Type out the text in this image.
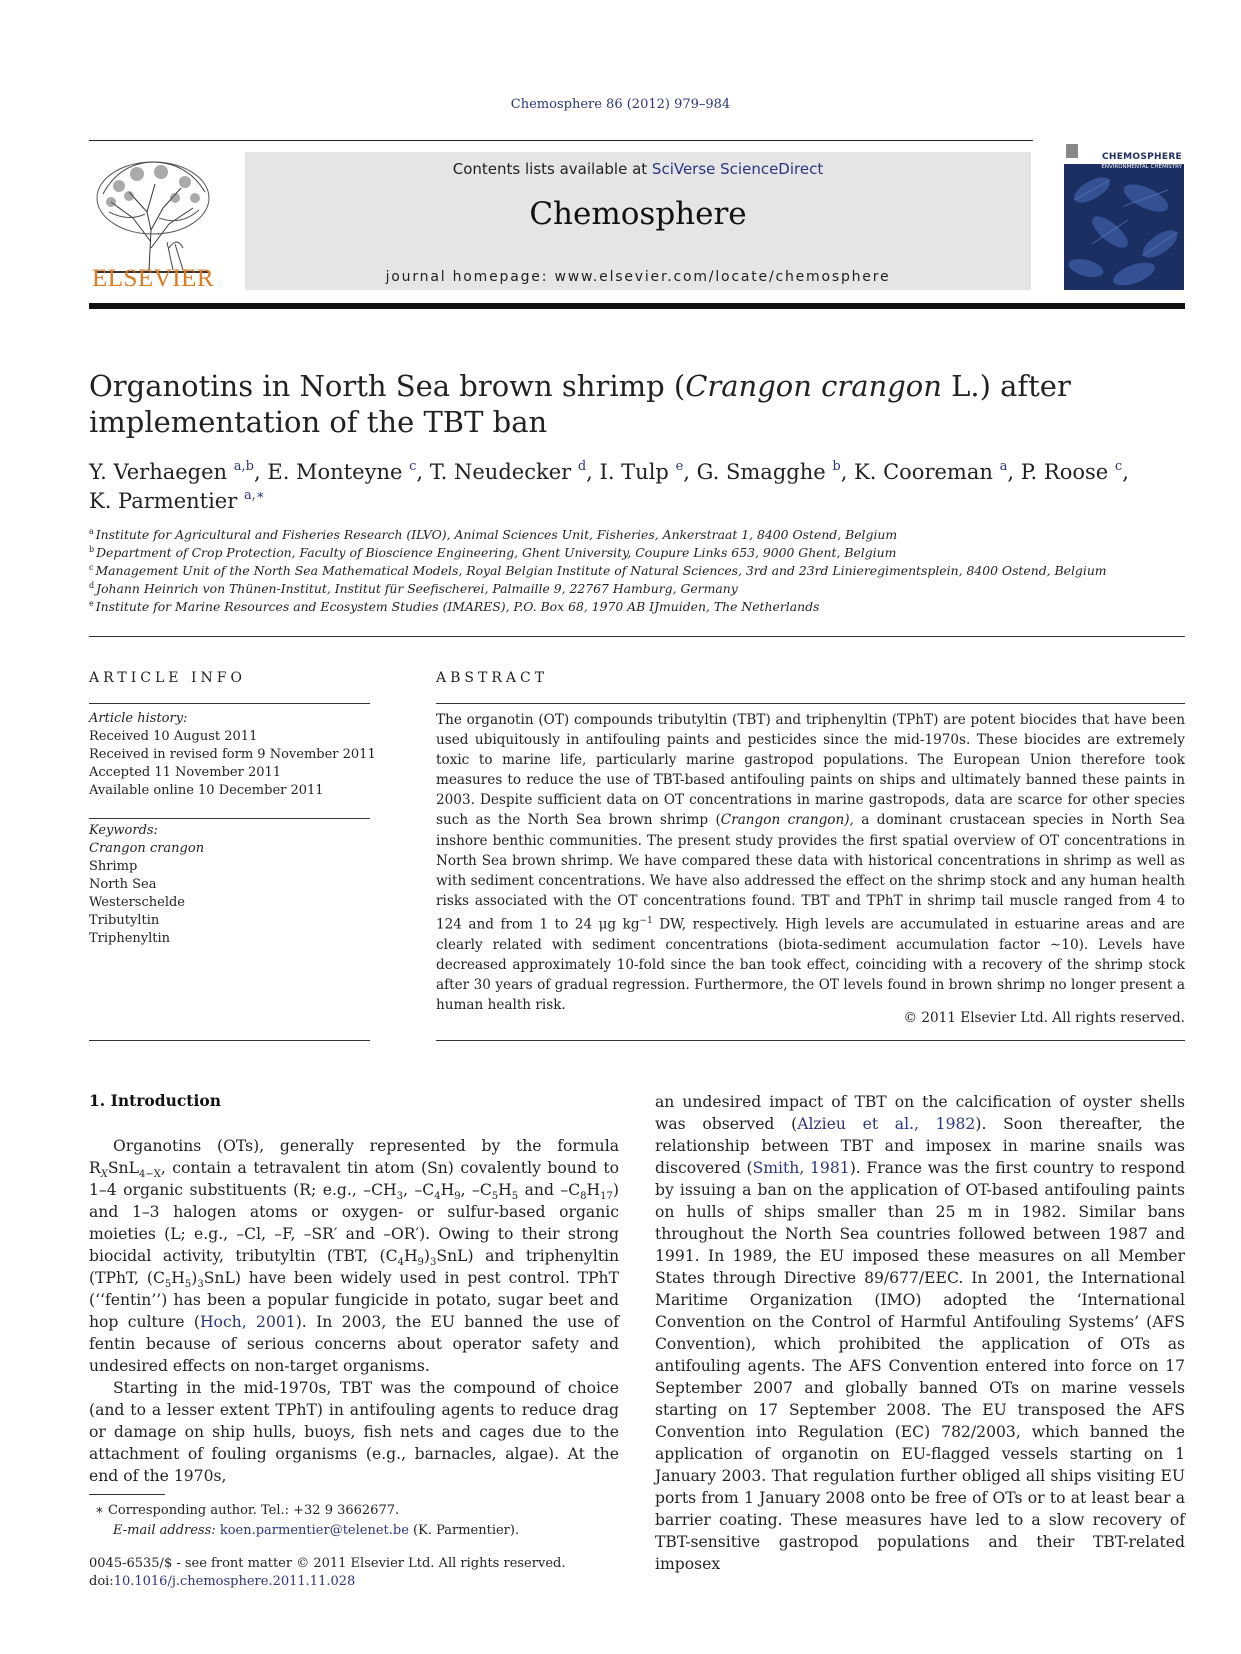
Chemosphere 86 (2012) 979–984
ELSEVIER
Contents lists available at SciVerse ScienceDirect
Chemosphere
journal homepage: www.elsevier.com/locate/chemosphere
CHEMOSPHERE
ENVIRONMENTAL CHEMISTRY
Organotins in North Sea brown shrimp (Crangon crangon L.) after implementation of the TBT ban
Y. Verhaegen $^{a,b}$, E. Monteyne $^c$, T. Neudecker $^d$, I. Tulp $^e$, G. Smagghe $^b$, K. Cooreman $^a$, P. Roose $^c$,
K. Parmentier $^{a,∗}$
$^a$ Institute for Agricultural and Fisheries Research (ILVO), Animal Sciences Unit, Fisheries, Ankerstraat 1, 8400 Ostend, Belgium
$^b$ Department of Crop Protection, Faculty of Bioscience Engineering, Ghent University, Coupure Links 653, 9000 Ghent, Belgium
$^c$ Management Unit of the North Sea Mathematical Models, Royal Belgian Institute of Natural Sciences, 3rd and 23rd Linieregimentsplein, 8400 Ostend, Belgium
$^d$ Johann Heinrich von Thünen-Institut, Institut für Seefischerei, Palmaille 9, 22767 Hamburg, Germany
$^e$ Institute for Marine Resources and Ecosystem Studies (IMARES), P.O. Box 68, 1970 AB IJmuiden, The Netherlands
ARTICLE INFO
Article history:
Received 10 August 2011
Received in revised form 9 November 2011
Accepted 11 November 2011
Available online 10 December 2011
Keywords:
Crangon crangon
Shrimp
North Sea
Westerschelde
Tributyltin
Triphenyltin
ABSTRACT

The organotin (OT) compounds tributyltin (TBT) and triphenyltin (TPhT) are potent biocides that have been used ubiquitously in antifouling paints and pesticides since the mid-1970s. These biocides are extremely toxic to marine life, particularly marine gastropod populations. The European Union therefore took measures to reduce the use of TBT-based antifouling paints on ships and ultimately banned these paints in 2003. Despite sufficient data on OT concentrations in marine gastropods, data are scarce for other species such as the North Sea brown shrimp (Crangon crangon), a dominant crustacean species in North Sea inshore benthic communities. The present study provides the first spatial overview of OT concentrations in North Sea brown shrimp. We have compared these data with historical concentrations in shrimp as well as with sediment concentrations. We have also addressed the effect on the shrimp stock and any human health risks associated with the OT concentrations found. TBT and TPhT in shrimp tail muscle ranged from 4 to 124 and from 1 to 24 μg $kg^{-1}$ DW, respectively. High levels are accumulated in estuarine areas and are clearly related with sediment concentrations (biota-sediment accumulation factor ∼10). Levels have decreased approximately 10-fold since the ban took effect, coinciding with a recovery of the shrimp stock after 30 years of gradual regression. Furthermore, the OT levels found in brown shrimp no longer present a human health risk.

© 2011 Elsevier Ltd. All rights reserved.
1. Introduction

Organotins (OTs), generally represented by the formula $R_XSnL_{4-X}$, contain a tetravalent tin atom (Sn) covalently bound to 1–4 organic substituents (R; e.g., $-CH_3$, $-C_4H_9$, $-C_5H_5$ and $-C_8H_{17}$) and 1–3 halogen atoms or oxygen- or sulfur-based organic moieties (L; e.g., –Cl, –F, –SR′ and –OR′). Owing to their strong biocidal activity, tributyltin (TBT, $(C_4H_9)_3SnL$) and triphenyltin (TPhT, $(C_5H_5)_3SnL$) have been widely used in pest control. TPhT (‘‘fentin’’) has been a popular fungicide in potato, sugar beet and hop culture (Hoch, 2001). In 2003, the EU banned the use of fentin because of serious concerns about operator safety and undesired effects on non-target organisms.

Starting in the mid-1970s, TBT was the compound of choice (and to a lesser extent TPhT) in antifouling agents to reduce drag or damage on ship hulls, buoys, fish nets and cages due to the attachment of fouling organisms (e.g., barnacles, algae). At the end of the 1970s,

an undesired impact of TBT on the calcification of oyster shells was observed (Alzieu et al., 1982). Soon thereafter, the relationship between TBT and imposex in marine snails was discovered (Smith, 1981). France was the first country to respond by issuing a ban on the application of OT-based antifouling paints on hulls of ships smaller than 25 m in 1982. Similar bans throughout the North Sea countries followed between 1987 and 1991. In 1989, the EU imposed these measures on all Member States through Directive 89/677/EEC. In 2001, the International Maritime Organization (IMO) adopted the ‘International Convention on the Control of Harmful Antifouling Systems’ (AFS Convention), which prohibited the application of OTs as antifouling agents. The AFS Convention entered into force on 17 September 2007 and globally banned OTs on marine vessels starting on 17 September 2008. The EU transposed the AFS Convention into Regulation (EC) 782/2003, which banned the application of organotin on EU-flagged vessels starting on 1 January 2003. That regulation further obliged all ships visiting EU ports from 1 January 2008 onto be free of OTs or to at least bear a barrier coating. These measures have led to a slow recovery of TBT-sensitive gastropod populations and their TBT-related imposex

∗ Corresponding author. Tel.: +32 9 3662677.
E-mail address: koen.parmentier@telenet.be (K. Parmentier).
0045-6535/$ - see front matter © 2011 Elsevier Ltd. All rights reserved.
doi:10.1016/j.chemosphere.2011.11.028
